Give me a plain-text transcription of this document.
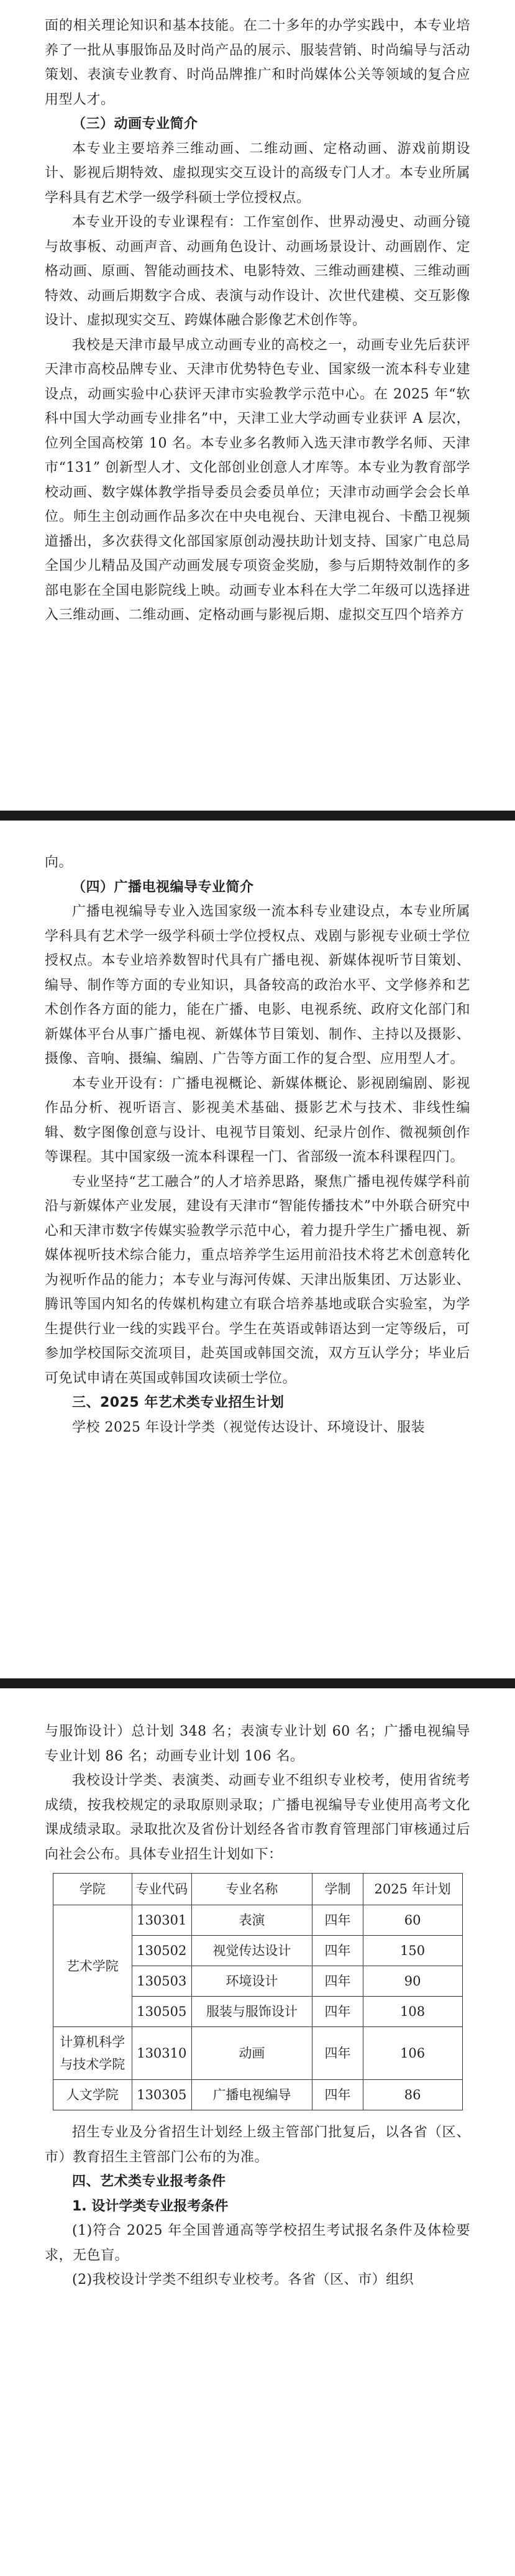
面的相关理论知识和基本技能。在二十多年的办学实践中，本专业培养了一批从事服饰品及时尚产品的展示、服装营销、时尚编导与活动策划、表演专业教育、时尚品牌推广和时尚媒体公关等领域的复合应用型人才。

（三）动画专业简介

本专业主要培养三维动画、二维动画、定格动画、游戏前期设计、影视后期特效、虚拟现实交互设计的高级专门人才。本专业所属学科具有艺术学一级学科硕士学位授权点。

本专业开设的专业课程有：工作室创作、世界动漫史、动画分镜与故事板、动画声音、动画角色设计、动画场景设计、动画剧作、定格动画、原画、智能动画技术、电影特效、三维动画建模、三维动画特效、动画后期数字合成、表演与动作设计、次世代建模、交互影像设计、虚拟现实交互、跨媒体融合影像艺术创作等。

我校是天津市最早成立动画专业的高校之一，动画专业先后获评天津市高校品牌专业、天津市优势特色专业、国家级一流本科专业建设点，动画实验中心获评天津市实验教学示范中心。在 2025 年“软科中国大学动画专业排名”中，天津工业大学动画专业获评 A 层次，位列全国高校第 10 名。本专业多名教师入选天津市教学名师、天津市“131” 创新型人才、文化部创业创意人才库等。本专业为教育部学校动画、数字媒体教学指导委员会委员单位；天津市动画学会会长单位。师生主创动画作品多次在中央电视台、天津电视台、卡酷卫视频道播出，多次获得文化部国家原创动漫扶助计划支持、国家广电总局全国少儿精品及国产动画发展专项资金奖励，参与后期特效制作的多部电影在全国电影院线上映。动画专业本科在大学二年级可以选择进入三维动画、二维动画、定格动画与影视后期、虚拟交互四个培养方

向。

（四）广播电视编导专业简介

广播电视编导专业入选国家级一流本科专业建设点，本专业所属学科具有艺术学一级学科硕士学位授权点、戏剧与影视专业硕士学位授权点。本专业培养数智时代具有广播电视、新媒体视听节目策划、编导、制作等方面的专业知识，具备较高的政治水平、文学修养和艺术创作各方面的能力，能在广播、电影、电视系统、政府文化部门和新媒体平台从事广播电视、新媒体节目策划、制作、主持以及摄影、摄像、音响、摄编、编剧、广告等方面工作的复合型、应用型人才。

本专业开设有：广播电视概论、新媒体概论、影视剧编剧、影视作品分析、视听语言、影视美术基础、摄影艺术与技术、非线性编辑、数字图像创意与设计、电视节目策划、纪录片创作、微视频创作等课程。其中国家级一流本科课程一门、省部级一流本科课程四门。

专业坚持“艺工融合”的人才培养思路，聚焦广播电视传媒学科前沿与新媒体产业发展，建设有天津市“智能传播技术”中外联合研究中心和天津市数字传媒实验教学示范中心，着力提升学生广播电视、新媒体视听技术综合能力，重点培养学生运用前沿技术将艺术创意转化为视听作品的能力；本专业与海河传媒、天津出版集团、万达影业、腾讯等国内知名的传媒机构建立有联合培养基地或联合实验室，为学生提供行业一线的实践平台。学生在英语或韩语达到一定等级后，可参加学校国际交流项目，赴英国或韩国交流，双方互认学分；毕业后可免试申请在英国或韩国攻读硕士学位。

三、2025 年艺术类专业招生计划

学校 2025 年设计学类（视觉传达设计、环境设计、服装

与服饰设计）总计划 348 名；表演专业计划 60 名；广播电视编导专业计划 86 名；动画专业计划 106 名。

我校设计学类、表演类、动画专业不组织专业校考，使用省统考成绩，按我校规定的录取原则录取；广播电视编导专业使用高考文化课成绩录取。录取批次及省份计划经各省市教育管理部门审核通过后向社会公布。具体专业招生计划如下：

学院	专业代码	专业名称	学制	2025 年计划
艺术学院	130301	表演	四年	60
	130502	视觉传达设计	四年	150
	130503	环境设计	四年	90
	130505	服装与服饰设计	四年	108
计算机科学与技术学院	130310	动画	四年	106
人文学院	130305	广播电视编导	四年	86

招生专业及分省招生计划经上级主管部门批复后，以各省（区、市）教育招生主管部门公布的为准。

四、艺术类专业报考条件

1. 设计学类专业报考条件

(1)符合 2025 年全国普通高等学校招生考试报名条件及体检要求，无色盲。

(2)我校设计学类不组织专业校考。各省（区、市）组织
